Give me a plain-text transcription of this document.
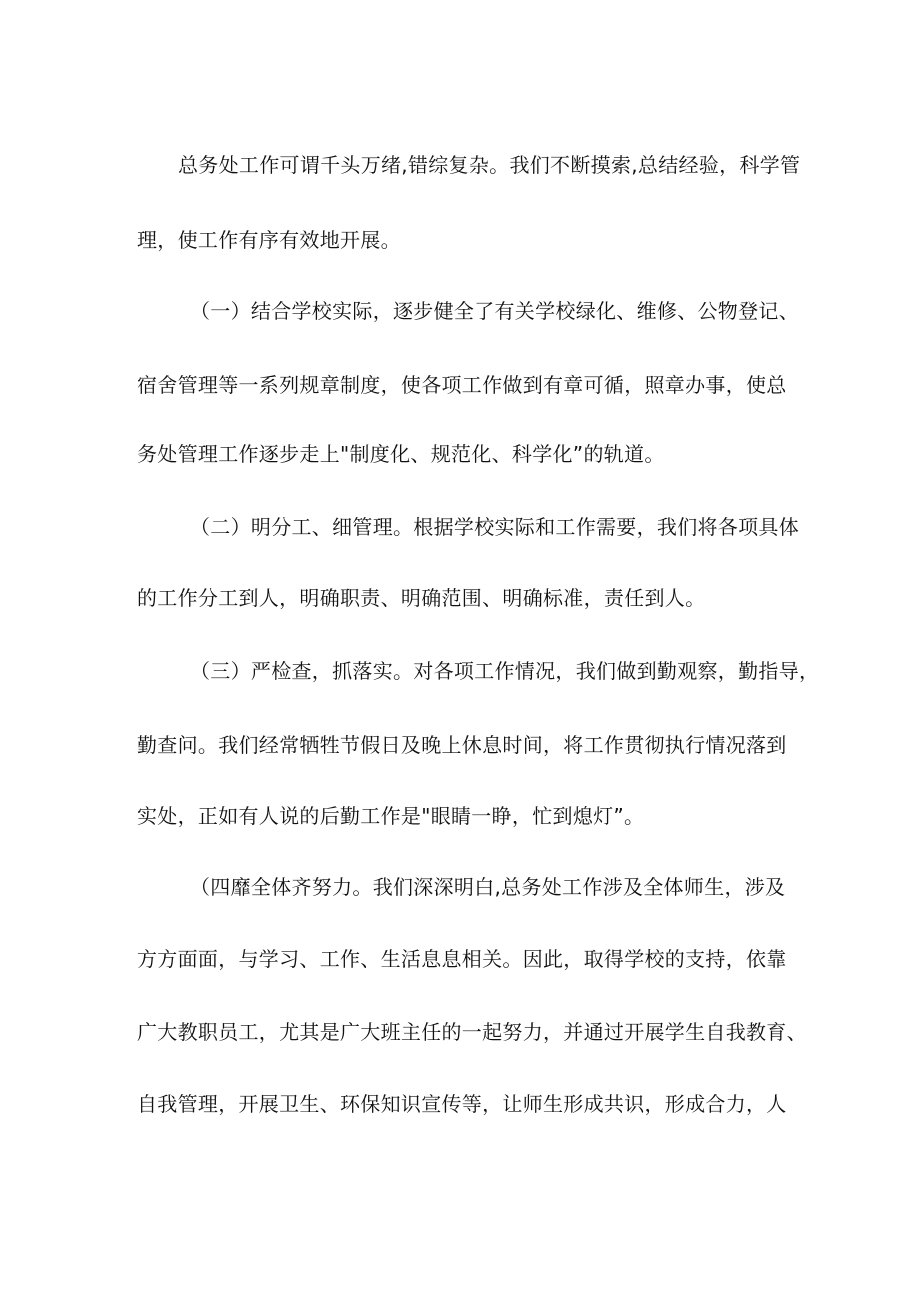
总务处工作可谓千头万绪,错综复杂。我们不断摸索,总结经验，科学管
理，使工作有序有效地开展。
（一）结合学校实际，逐步健全了有关学校绿化、维修、公物登记、
宿舍管理等一系列规章制度，使各项工作做到有章可循，照章办事，使总
务处管理工作逐步走上"制度化、规范化、科学化”的轨道。
（二）明分工、细管理。根据学校实际和工作需要，我们将各项具体
的工作分工到人，明确职责、明确范围、明确标准，责任到人。
（三）严检查，抓落实。对各项工作情况，我们做到勤观察，勤指导，
勤查问。我们经常牺牲节假日及晚上休息时间，将工作贯彻执行情况落到
实处，正如有人说的后勤工作是"眼睛一睁，忙到熄灯”。
（四靡全体齐努力。我们深深明白,总务处工作涉及全体师生，涉及
方方面面，与学习、工作、生活息息相关。因此，取得学校的支持，依靠
广大教职员工，尤其是广大班主任的一起努力，并通过开展学生自我教育、
自我管理，开展卫生、环保知识宣传等，让师生形成共识，形成合力，人
